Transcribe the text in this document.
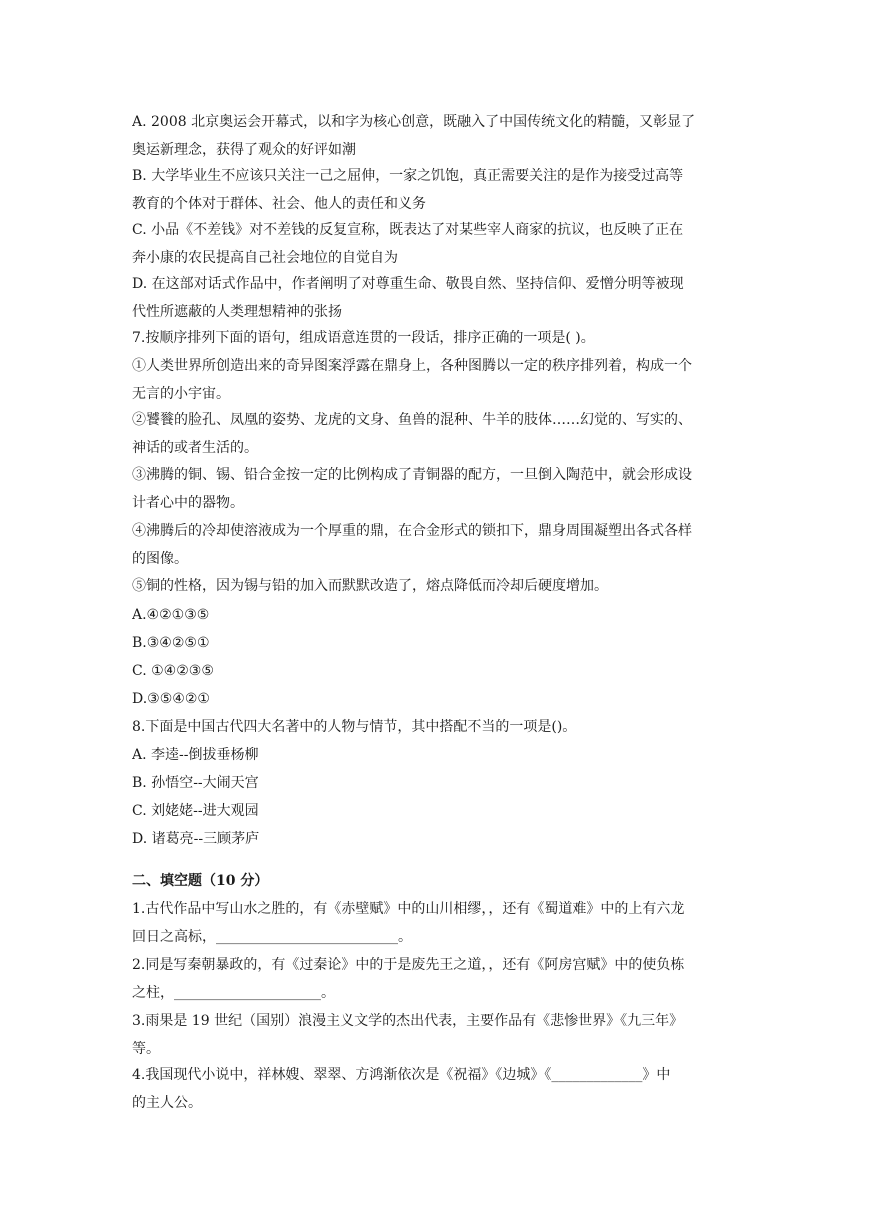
A. 2008 北京奥运会开幕式，以和字为核心创意，既融入了中国传统文化的精髓，又彰显了
奥运新理念，获得了观众的好评如潮
B. 大学毕业生不应该只关注一己之屈伸，一家之饥饱，真正需要关注的是作为接受过高等
教育的个体对于群体、社会、他人的责任和义务
C. 小品《不差钱》对不差钱的反复宣称，既表达了对某些宰人商家的抗议，也反映了正在
奔小康的农民提高自己社会地位的自觉自为
D. 在这部对话式作品中，作者阐明了对尊重生命、敬畏自然、坚持信仰、爱憎分明等被现
代性所遮蔽的人类理想精神的张扬
7.按顺序排列下面的语句，组成语意连贯的一段话，排序正确的一项是( )。
①人类世界所创造出来的奇异图案浮露在鼎身上，各种图腾以一定的秩序排列着，构成一个
无言的小宇宙。
②饕餮的脸孔、凤凰的姿势、龙虎的文身、鱼兽的混种、牛羊的肢体……幻觉的、写实的、
神话的或者生活的。
③沸腾的铜、锡、铅合金按一定的比例构成了青铜器的配方，一旦倒入陶范中，就会形成设
计者心中的器物。
④沸腾后的冷却使溶液成为一个厚重的鼎，在合金形式的锁扣下，鼎身周围凝塑出各式各样
的图像。
⑤铜的性格，因为锡与铅的加入而默默改造了，熔点降低而冷却后硬度增加。
A.④②①③⑤
B.③④②⑤①
C. ①④②③⑤
D.③⑤④②①
8.下面是中国古代四大名著中的人物与情节，其中搭配不当的一项是()。
A. 李逵--倒拔垂杨柳
B. 孙悟空--大闹天宫
C. 刘姥姥--进大观园
D. 诸葛亮--三顾茅庐
二、填空题（10 分）
1.古代作品中写山水之胜的，有《赤壁赋》中的山川相缪，，还有《蜀道难》中的上有六龙
回日之高标，__________________________。
2.同是写秦朝暴政的，有《过秦论》中的于是废先王之道，，还有《阿房宫赋》中的使负栋
之柱，_____________________。
3.雨果是 19 世纪（国别）浪漫主义文学的杰出代表，主要作品有《悲惨世界》《九三年》
等。
4.我国现代小说中，祥林嫂、翠翠、方鸿渐依次是《祝福》《边城》《_____________》中
的主人公。
